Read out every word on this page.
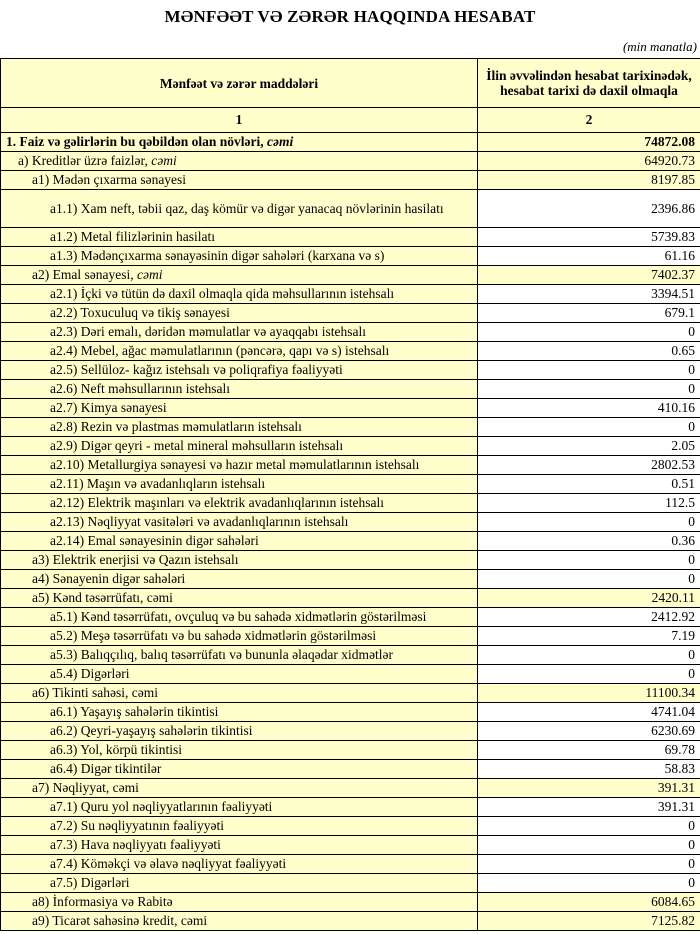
MƏNFƏƏT VƏ ZƏRƏR HAQQINDA HESABAT
(min manatla)
Mənfəət və zərər maddələri	İlin əvvəlindən hesabat tarixinədək, hesabat tarixi də daxil olmaqla
1	2
1. Faiz və gəlirlərin bu qəbildən olan növləri, cəmi	74872.08
a) Kreditlər üzrə faizlər, cəmi	64920.73
a1) Mədən çıxarma sənayesi	8197.85
a1.1) Xam neft, təbii qaz, daş kömür və digər yanacaq növlərinin hasilatı	2396.86
a1.2) Metal filizlərinin hasilatı	5739.83
a1.3) Mədənçıxarma sənayəsinin digər sahələri (karxana və s)	61.16
a2) Emal sənayesi, cəmi	7402.37
a2.1) İçki və tütün də daxil olmaqla qida məhsullarının istehsalı	3394.51
a2.2) Toxuculuq və tikiş sənayesi	679.1
a2.3) Dəri emalı, dəridən məmulatlar və ayaqqabı istehsalı	0
a2.4) Mebel, ağac məmulatlarının (pəncərə, qapı və s) istehsalı	0.65
a2.5) Sellüloz- kağız istehsalı və poliqrafiya fəaliyyəti	0
a2.6) Neft məhsullarının istehsalı	0
a2.7) Kimya sənayesi	410.16
a2.8) Rezin və plastmas məmulatların istehsalı	0
a2.9) Digər qeyri - metal mineral məhsulların istehsalı	2.05
a2.10) Metallurgiya sənayesi və hazır metal məmulatlarının istehsalı	2802.53
a2.11) Maşın və avadanlıqların istehsalı	0.51
a2.12) Elektrik maşınları və elektrik avadanlıqlarının istehsalı	112.5
a2.13) Nəqliyyat vasitələri və avadanlıqlarının istehsalı	0
a2.14) Emal sənayesinin digər sahələri	0.36
a3) Elektrik enerjisi və Qazın istehsalı	0
a4) Sənayenin digər sahələri	0
a5) Kənd təsərrüfatı, cəmi	2420.11
a5.1) Kənd təsərrüfatı, ovçuluq və bu sahədə xidmətlərin göstərilməsi	2412.92
a5.2) Meşə təsərrüfatı və bu sahədə xidmətlərin göstərilməsi	7.19
a5.3) Balıqçılıq, balıq təsərrüfatı və bununla əlaqədar xidmətlər	0
a5.4) Digərləri	0
a6) Tikinti sahəsi, cəmi	11100.34
a6.1) Yaşayış sahələrin tikintisi	4741.04
a6.2) Qeyri-yaşayış sahələrin tikintisi	6230.69
a6.3) Yol, körpü tikintisi	69.78
a6.4) Digər tikintilər	58.83
a7) Nəqliyyat, cəmi	391.31
a7.1) Quru yol nəqliyyatlarının fəaliyyəti	391.31
a7.2) Su nəqliyyatının fəaliyyəti	0
a7.3) Hava nəqliyyatı fəaliyyəti	0
a7.4) Köməkçi və əlavə nəqliyyat fəaliyyəti	0
a7.5) Digərləri	0
a8) İnformasiya və Rabitə	6084.65
a9) Ticarət sahəsinə kredit, cəmi	7125.82
